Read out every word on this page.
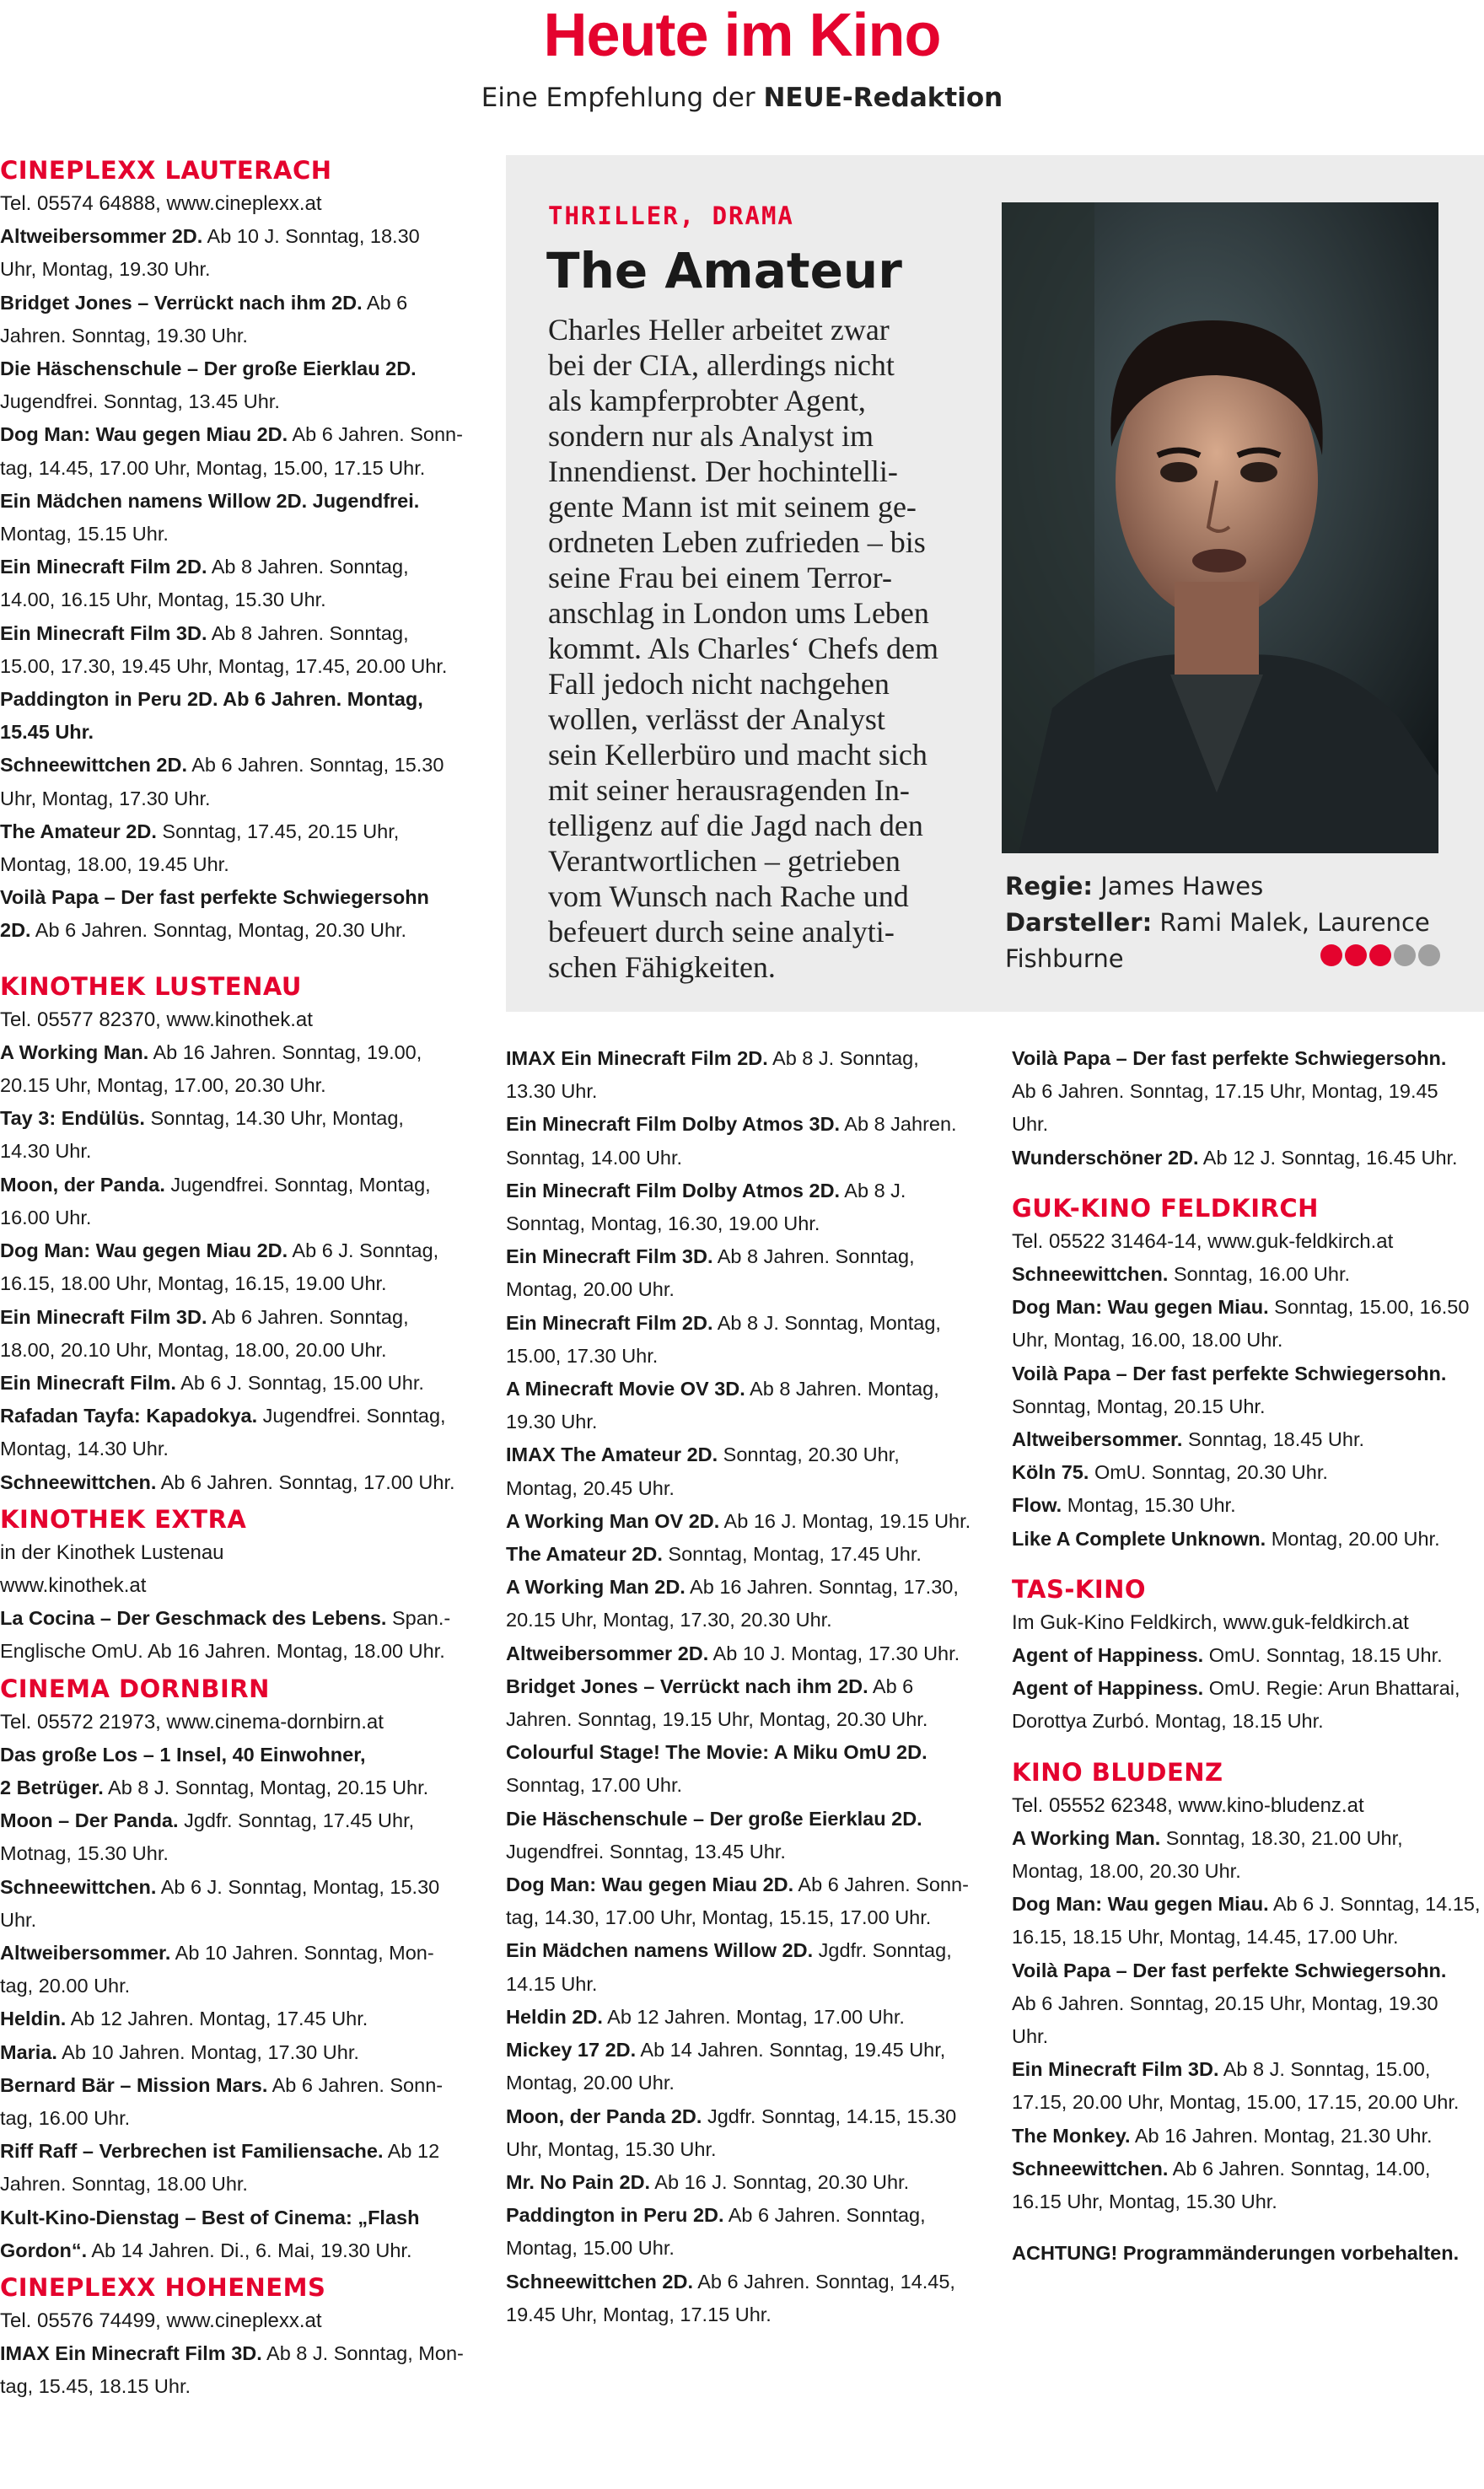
Heute im Kino
Eine Empfehlung der NEUE-Redaktion

CINEPLEXX LAUTERACH

Tel. 05574 64888, www.cineplexx.at

Altweibersommer 2D. Ab 10 J. Sonntag, 18.30

Uhr, Montag, 19.30 Uhr.

Bridget Jones – Verrückt nach ihm 2D. Ab 6

Jahren. Sonntag, 19.30 Uhr.

Die Häschenschule – Der große Eierklau 2D.

Jugendfrei. Sonntag, 13.45 Uhr.

Dog Man: Wau gegen Miau 2D. Ab 6 Jahren. Sonn-

tag, 14.45, 17.00 Uhr, Montag, 15.00, 17.15 Uhr.

Ein Mädchen namens Willow 2D. Jugendfrei.

Montag, 15.15 Uhr.

Ein Minecraft Film 2D. Ab 8 Jahren. Sonntag,

14.00, 16.15 Uhr, Montag, 15.30 Uhr.

Ein Minecraft Film 3D. Ab 8 Jahren. Sonntag,

15.00, 17.30, 19.45 Uhr, Montag, 17.45, 20.00 Uhr.

Paddington in Peru 2D. Ab 6 Jahren. Montag,

15.45 Uhr.

Schneewittchen 2D. Ab 6 Jahren. Sonntag, 15.30

Uhr, Montag, 17.30 Uhr.

The Amateur 2D. Sonntag, 17.45, 20.15 Uhr,

Montag, 18.00, 19.45 Uhr.

Voilà Papa – Der fast perfekte Schwiegersohn

2D. Ab 6 Jahren. Sonntag, Montag, 20.30 Uhr.

KINOTHEK LUSTENAU

Tel. 05577 82370, www.kinothek.at

A Working Man. Ab 16 Jahren. Sonntag, 19.00,

20.15 Uhr, Montag, 17.00, 20.30 Uhr.

Tay 3: Endülüs. Sonntag, 14.30 Uhr, Montag,

14.30 Uhr.

Moon, der Panda. Jugendfrei. Sonntag, Montag,

16.00 Uhr.

Dog Man: Wau gegen Miau 2D. Ab 6 J. Sonntag,

16.15, 18.00 Uhr, Montag, 16.15, 19.00 Uhr.

Ein Minecraft Film 3D. Ab 6 Jahren. Sonntag,

18.00, 20.10 Uhr, Montag, 18.00, 20.00 Uhr.

Ein Minecraft Film. Ab 6 J. Sonntag, 15.00 Uhr.

Rafadan Tayfa: Kapadokya. Jugendfrei. Sonntag,

Montag, 14.30 Uhr.

Schneewittchen. Ab 6 Jahren. Sonntag, 17.00 Uhr.

KINOTHEK EXTRA

in der Kinothek Lustenau

www.kinothek.at

La Cocina – Der Geschmack des Lebens. Span.-

Englische OmU. Ab 16 Jahren. Montag, 18.00 Uhr.

CINEMA DORNBIRN

Tel. 05572 21973, www.cinema-dornbirn.at

Das große Los – 1 Insel, 40 Einwohner,

2 Betrüger. Ab 8 J. Sonntag, Montag, 20.15 Uhr.

Moon – Der Panda. Jgdfr. Sonntag, 17.45 Uhr,

Motnag, 15.30 Uhr.

Schneewittchen. Ab 6 J. Sonntag, Montag, 15.30 Uhr.

Altweibersommer. Ab 10 Jahren. Sonntag, Mon-

tag, 20.00 Uhr.

Heldin. Ab 12 Jahren. Montag, 17.45 Uhr.

Maria. Ab 10 Jahren. Montag, 17.30 Uhr.

Bernard Bär – Mission Mars. Ab 6 Jahren. Sonn-

tag, 16.00 Uhr.

Riff Raff – Verbrechen ist Familiensache. Ab 12

Jahren. Sonntag, 18.00 Uhr.

Kult-Kino-Dienstag – Best of Cinema: „Flash

Gordon“. Ab 14 Jahren. Di., 6. Mai, 19.30 Uhr.

CINEPLEXX HOHENEMS

Tel. 05576 74499, www.cineplexx.at

IMAX Ein Minecraft Film 3D. Ab 8 J. Sonntag, Mon-

tag, 15.45, 18.15 Uhr.

THRILLER, DRAMA
The Amateur
Charles Heller arbeitet zwar
bei der CIA, allerdings nicht
als kampferprobter Agent,
sondern nur als Analyst im
Innendienst. Der hochintelli-
gente Mann ist mit seinem ge-
ordneten Leben zufrieden – bis
seine Frau bei einem Terror-
anschlag in London ums Leben
kommt. Als Charles‘ Chefs dem
Fall jedoch nicht nachgehen
wollen, verlässt der Analyst
sein Kellerbüro und macht sich
mit seiner herausragenden In-
telligenz auf die Jagd nach den
Verantwortlichen – getrieben
vom Wunsch nach Rache und
befeuert durch seine analyti-
schen Fähigkeiten.
Regie: James Hawes
Darsteller: Rami Malek, Laurence
Fishburne

IMAX Ein Minecraft Film 2D. Ab 8 J. Sonntag,

13.30 Uhr.

Ein Minecraft Film Dolby Atmos 3D. Ab 8 Jahren.

Sonntag, 14.00 Uhr.

Ein Minecraft Film Dolby Atmos 2D. Ab 8 J.

Sonntag, Montag, 16.30, 19.00 Uhr.

Ein Minecraft Film 3D. Ab 8 Jahren. Sonntag,

Montag, 20.00 Uhr.

Ein Minecraft Film 2D. Ab 8 J. Sonntag, Montag,

15.00, 17.30 Uhr.

A Minecraft Movie OV 3D. Ab 8 Jahren. Montag,

19.30 Uhr.

IMAX The Amateur 2D. Sonntag, 20.30 Uhr,

Montag, 20.45 Uhr.

A Working Man OV 2D. Ab 16 J. Montag, 19.15 Uhr.

The Amateur 2D. Sonntag, Montag, 17.45 Uhr.

A Working Man 2D. Ab 16 Jahren. Sonntag, 17.30,

20.15 Uhr, Montag, 17.30, 20.30 Uhr.

Altweibersommer 2D. Ab 10 J. Montag, 17.30 Uhr.

Bridget Jones – Verrückt nach ihm 2D. Ab 6

Jahren. Sonntag, 19.15 Uhr, Montag, 20.30 Uhr.

Colourful Stage! The Movie: A Miku OmU 2D.

Sonntag, 17.00 Uhr.

Die Häschenschule – Der große Eierklau 2D.

Jugendfrei. Sonntag, 13.45 Uhr.

Dog Man: Wau gegen Miau 2D. Ab 6 Jahren. Sonn-

tag, 14.30, 17.00 Uhr, Montag, 15.15, 17.00 Uhr.

Ein Mädchen namens Willow 2D. Jgdfr. Sonntag,

14.15 Uhr.

Heldin 2D. Ab 12 Jahren. Montag, 17.00 Uhr.

Mickey 17 2D. Ab 14 Jahren. Sonntag, 19.45 Uhr,

Montag, 20.00 Uhr.

Moon, der Panda 2D. Jgdfr. Sonntag, 14.15, 15.30

Uhr, Montag, 15.30 Uhr.

Mr. No Pain 2D. Ab 16 J. Sonntag, 20.30 Uhr.

Paddington in Peru 2D. Ab 6 Jahren. Sonntag,

Montag, 15.00 Uhr.

Schneewittchen 2D. Ab 6 Jahren. Sonntag, 14.45,

19.45 Uhr, Montag, 17.15 Uhr.

Voilà Papa – Der fast perfekte Schwiegersohn.

Ab 6 Jahren. Sonntag, 17.15 Uhr, Montag, 19.45

Uhr.

Wunderschöner 2D. Ab 12 J. Sonntag, 16.45 Uhr.

GUK-KINO FELDKIRCH

Tel. 05522 31464-14, www.guk-feldkirch.at

Schneewittchen. Sonntag, 16.00 Uhr.

Dog Man: Wau gegen Miau. Sonntag, 15.00, 16.50

Uhr, Montag, 16.00, 18.00 Uhr.

Voilà Papa – Der fast perfekte Schwiegersohn.

Sonntag, Montag, 20.15 Uhr.

Altweibersommer. Sonntag, 18.45 Uhr.

Köln 75. OmU. Sonntag, 20.30 Uhr.

Flow. Montag, 15.30 Uhr.

Like A Complete Unknown. Montag, 20.00 Uhr.

TAS-KINO

Im Guk-Kino Feldkirch, www.guk-feldkirch.at

Agent of Happiness. OmU. Sonntag, 18.15 Uhr.

Agent of Happiness. OmU. Regie: Arun Bhattarai,

Dorottya Zurbó. Montag, 18.15 Uhr.

KINO BLUDENZ

Tel. 05552 62348, www.kino-bludenz.at

A Working Man. Sonntag, 18.30, 21.00 Uhr,

Montag, 18.00, 20.30 Uhr.

Dog Man: Wau gegen Miau. Ab 6 J. Sonntag, 14.15,

16.15, 18.15 Uhr, Montag, 14.45, 17.00 Uhr.

Voilà Papa – Der fast perfekte Schwiegersohn.

Ab 6 Jahren. Sonntag, 20.15 Uhr, Montag, 19.30

Uhr.

Ein Minecraft Film 3D. Ab 8 J. Sonntag, 15.00,

17.15, 20.00 Uhr, Montag, 15.00, 17.15, 20.00 Uhr.

The Monkey. Ab 16 Jahren. Montag, 21.30 Uhr.

Schneewittchen. Ab 6 Jahren. Sonntag, 14.00,

16.15 Uhr, Montag, 15.30 Uhr.

ACHTUNG! Programmänderungen vorbehalten.
